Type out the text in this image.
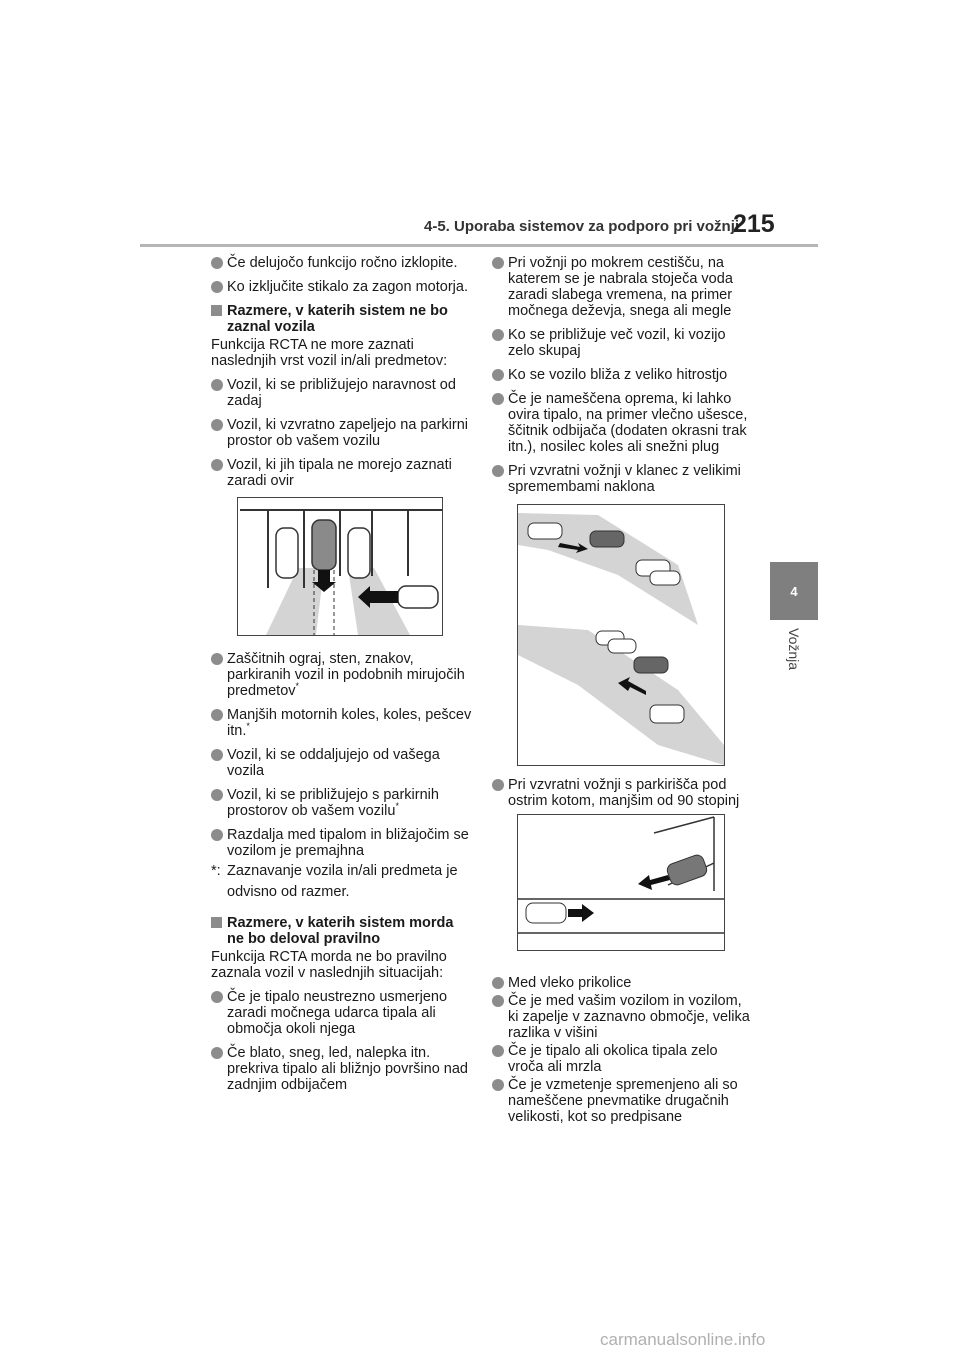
4-5. Uporaba sistemov za podporo pri vožnji
215
4
Vožnja
Če delujočo funkcijo ročno izklopite.
Ko izključite stikalo za zagon motorja.
Razmere, v katerih sistem ne bo zaznal vozila
Funkcija RCTA ne more zaznati naslednjih vrst vozil in/ali predmetov:
Vozil, ki se približujejo naravnost od zadaj
Vozil, ki vzvratno zapeljejo na parkirni prostor ob vašem vozilu
Vozil, ki jih tipala ne morejo zaznati zaradi ovir
Zaščitnih ograj, sten, znakov, parkiranih vozil in podobnih mirujočih predmetov*
Manjših motornih koles, koles, pešcev itn.*
Vozil, ki se oddaljujejo od vašega vozila
Vozil, ki se približujejo s parkirnih prostorov ob vašem vozilu*
Razdalja med tipalom in bližajočim se vozilom je premajhna
*: Zaznavanje vozila in/ali predmeta je odvisno od razmer.
Razmere, v katerih sistem morda ne bo deloval pravilno
Funkcija RCTA morda ne bo pravilno zaznala vozil v naslednjih situacijah:
Če je tipalo neustrezno usmerjeno zaradi močnega udarca tipala ali območja okoli njega
Če blato, sneg, led, nalepka itn. prekriva tipalo ali bližnjo površino nad zadnjim odbijačem
Pri vožnji po mokrem cestišču, na katerem se je nabrala stoječa voda zaradi slabega vremena, na primer močnega deževja, snega ali megle
Ko se približuje več vozil, ki vozijo zelo skupaj
Ko se vozilo bliža z veliko hitrostjo
Če je nameščena oprema, ki lahko ovira tipalo, na primer vlečno ušesce, ščitnik odbijača (dodaten okrasni trak itn.), nosilec koles ali snežni plug
Pri vzvratni vožnji v klanec z velikimi spremembami naklona
Pri vzvratni vožnji s parkirišča pod ostrim kotom, manjšim od 90 stopinj
Med vleko prikolice
Če je med vašim vozilom in vozilom, ki zapelje v zaznavno območje, velika razlika v višini
Če je tipalo ali okolica tipala zelo vroča ali mrzla
Če je vzmetenje spremenjeno ali so nameščene pnevmatike drugačnih velikosti, kot so predpisane
carmanualsonline.info
